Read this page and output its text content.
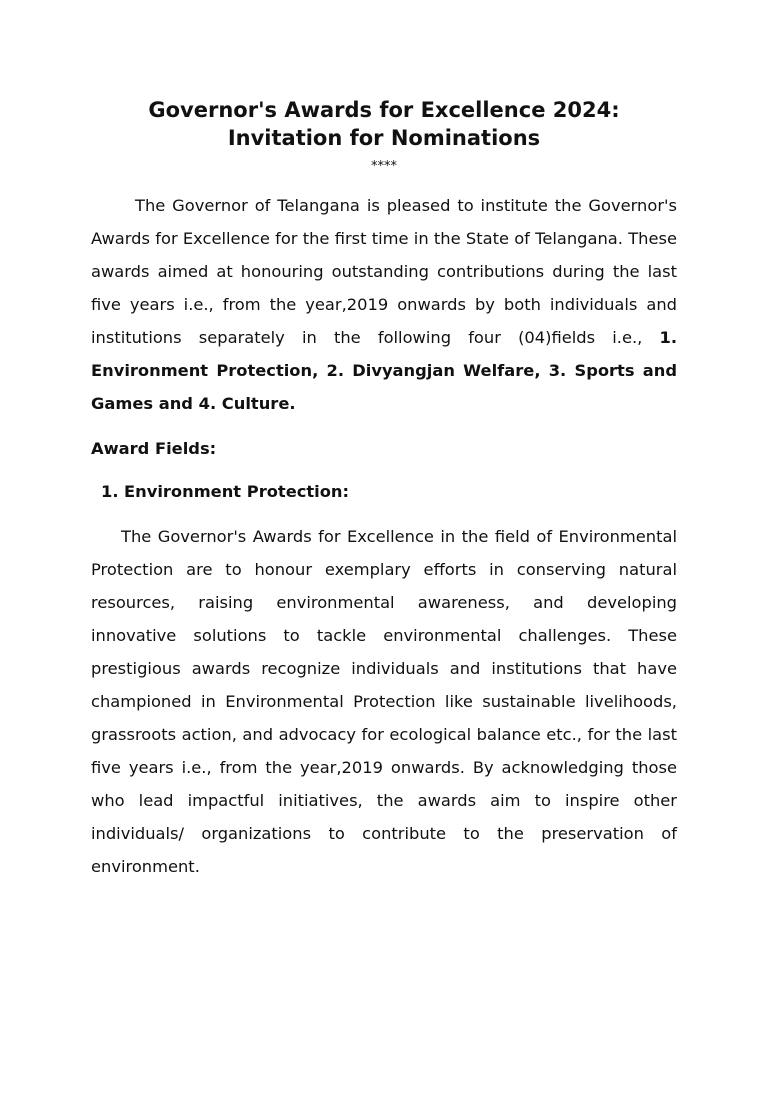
Governor's Awards for Excellence 2024:
Invitation for Nominations
****

The Governor of Telangana is pleased to institute the Governor's Awards for Excellence for the first time in the State of Telangana. These awards aimed at honouring outstanding contributions during the last five years i.e., from the year,2019 onwards by both individuals and institutions separately in the following four (04)fields i.e., 1. Environment Protection, 2. Divyangjan Welfare, 3. Sports and Games and 4. Culture.

Award Fields:
1. Environment Protection:

The Governor's Awards for Excellence in the field of Environmental Protection are to honour exemplary efforts in conserving natural resources, raising environmental awareness, and developing innovative solutions to tackle environmental challenges. These prestigious awards recognize individuals and institutions that have championed in Environmental Protection like sustainable livelihoods, grassroots action, and advocacy for ecological balance etc., for the last five years i.e., from the year,2019 onwards. By acknowledging those who lead impactful initiatives, the awards aim to inspire other individuals/ organizations to contribute to the preservation of environment.
